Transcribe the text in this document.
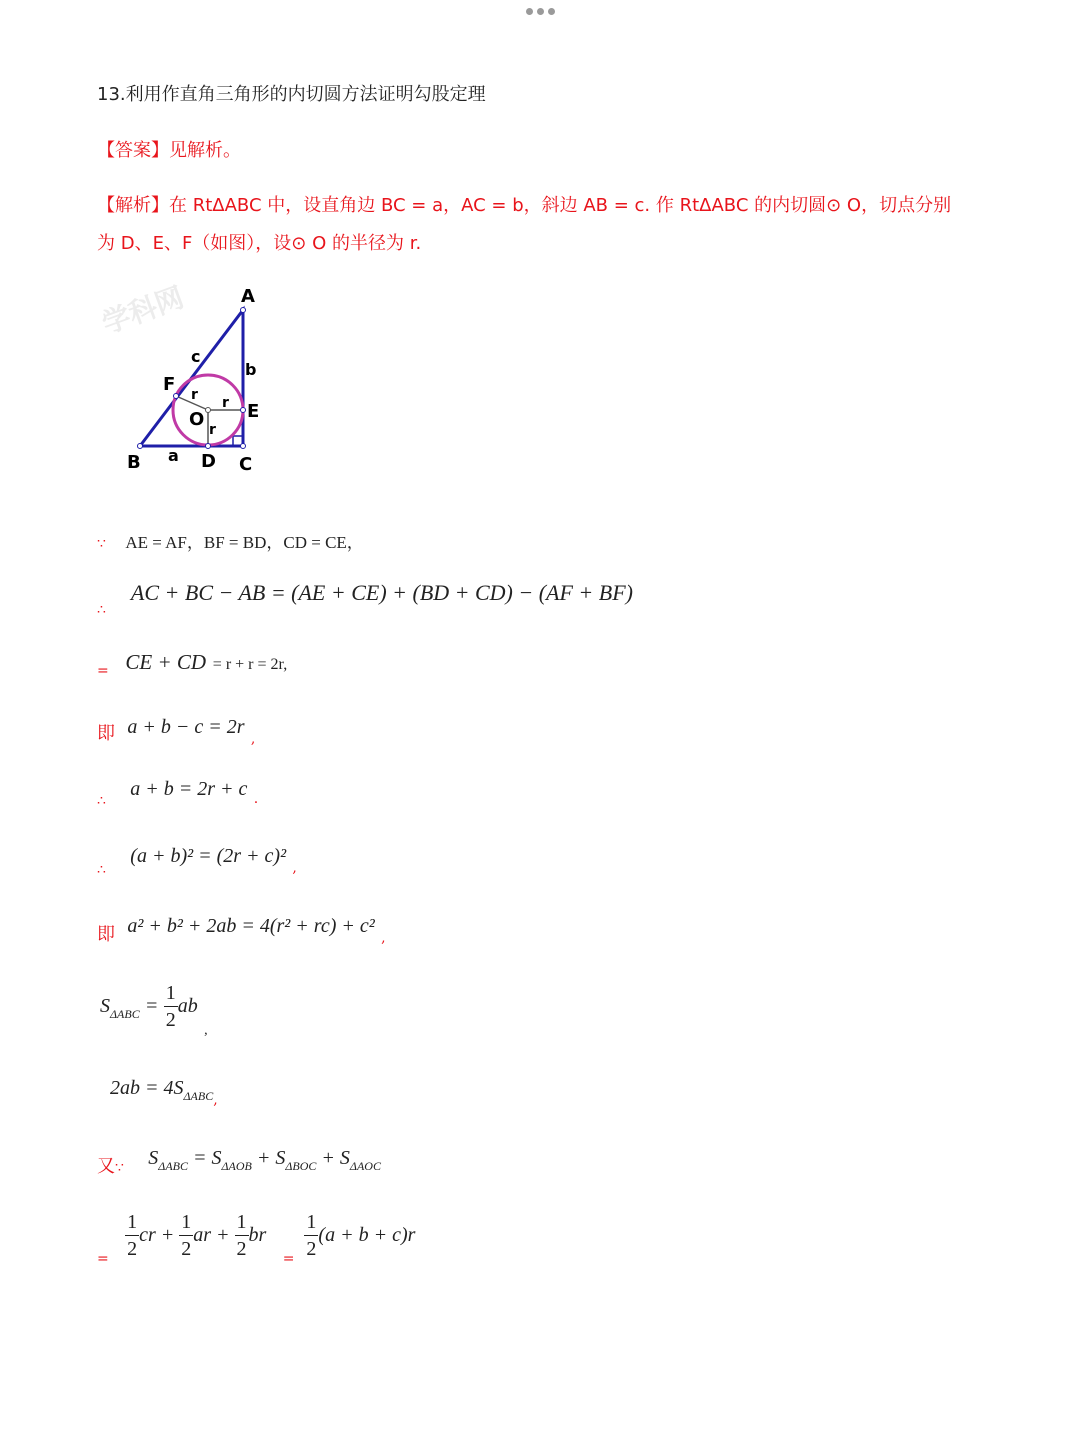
13.利用作直角三角形的内切圆方法证明勾股定理
【答案】见解析。
【解析】在 RtΔABC 中，设直角边 BC = a，AC = b，斜边 AB = c. 作 RtΔABC 的内切圆⊙ O，切点分别
为 D、E、F（如图），设⊙ O 的半径为 r.
学科网	A
B	C
D
E
F
O
a
b
c
r r
r
∵ AE = AF，BF = BD，CD = CE，
$_\therefore$ AC + BC − AB = (AE + CE) + (BD + CD) − (AF + BF)
$_=$ CE + CD = r + r = 2r,
即 a + b − c = 2r $_,$
$_\therefore$ a + b = 2r + c $_.$
$_\therefore$ (a + b)² = (2r + c)² $_,$
即 a² + b² + 2ab = 4(r² + rc) + c² $_,$
$S_{\Delta ABC} = \frac{1}{2}$ ab $_,$
$2ab = 4S_{\Delta ABC,}$
又$_\because$ $S_{\Delta ABC} = S_{\Delta AOB} + S_{\Delta BOC} + S_{\Delta AOC}$
$_= \frac{1}{2}$ cr + $\frac{1}{2}$ ar + $\frac{1}{2}$ br $_= \frac{1}{2} (a + b + c)r$
